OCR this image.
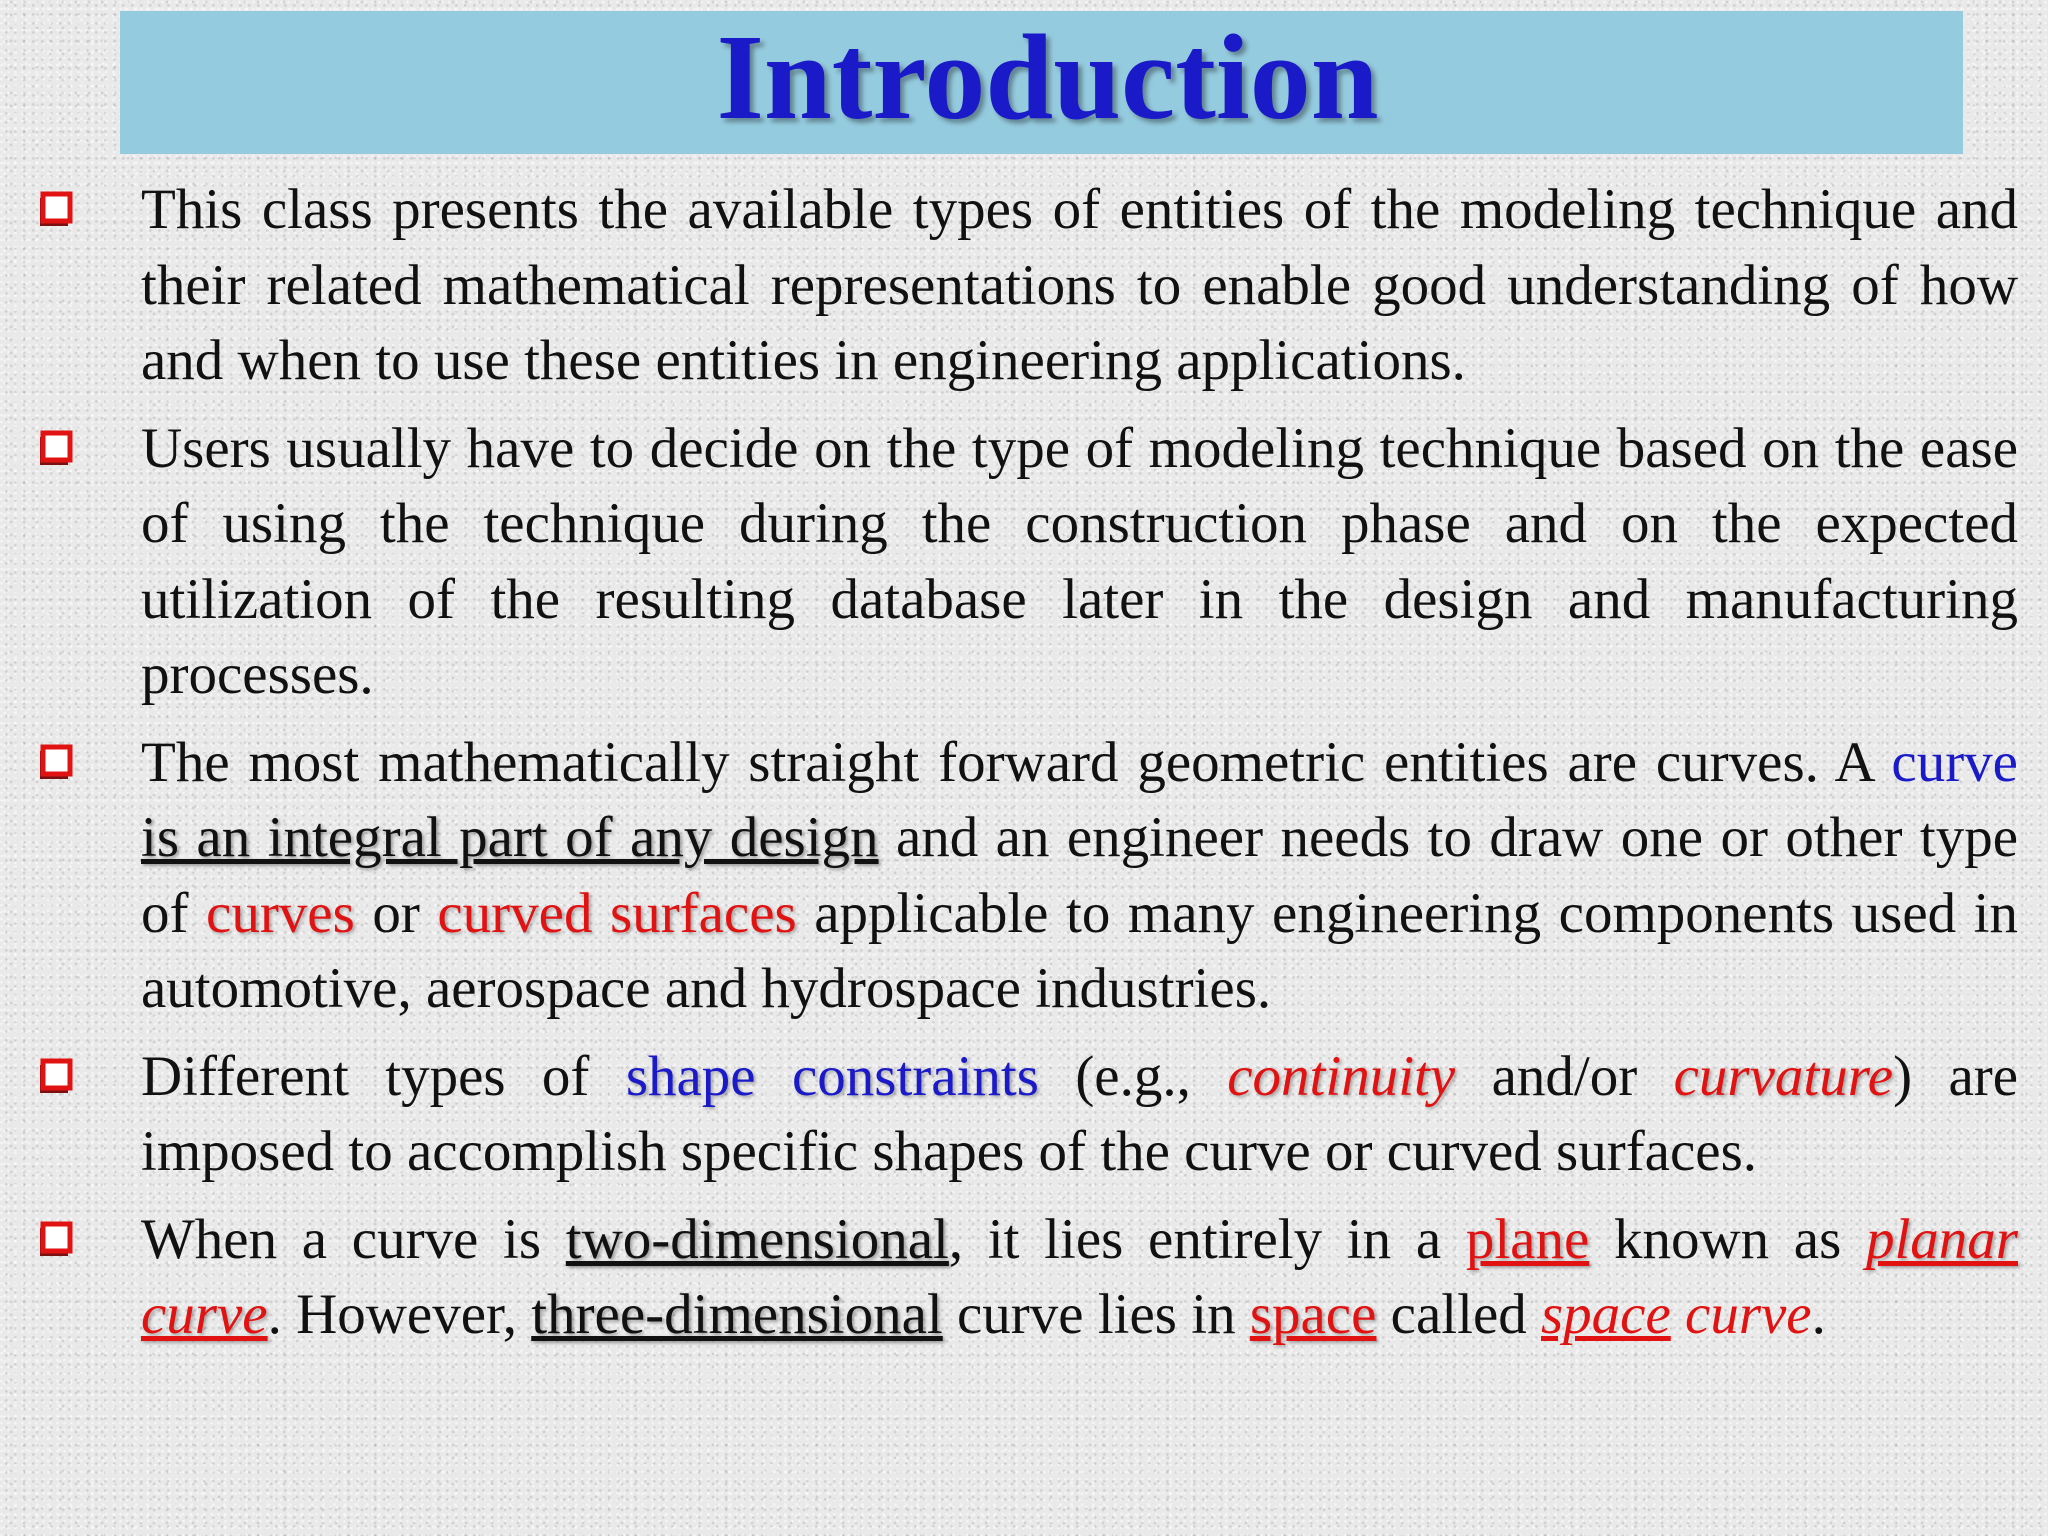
Introduction
This class presents the available types of entities of the modeling technique and their related mathematical representations to enable good understanding of how and when to use these entities in engineering applications.
Users usually have to decide on the type of modeling technique based on the ease of using the technique during the construction phase and on the expected utilization of the resulting database later in the design and manufacturing processes.
The most mathematically straight forward geometric entities are curves. A curve is an integral part of any design and an engineer needs to draw one or other type of curves or curved surfaces applicable to many engineering components used in automotive, aerospace and hydrospace industries.
Different types of shape constraints (e.g., continuity and/or curvature) are imposed to accomplish specific shapes of the curve or curved surfaces.
When a curve is two-dimensional, it lies entirely in a plane known as planar curve. However, three-dimensional curve lies in space called space curve.
